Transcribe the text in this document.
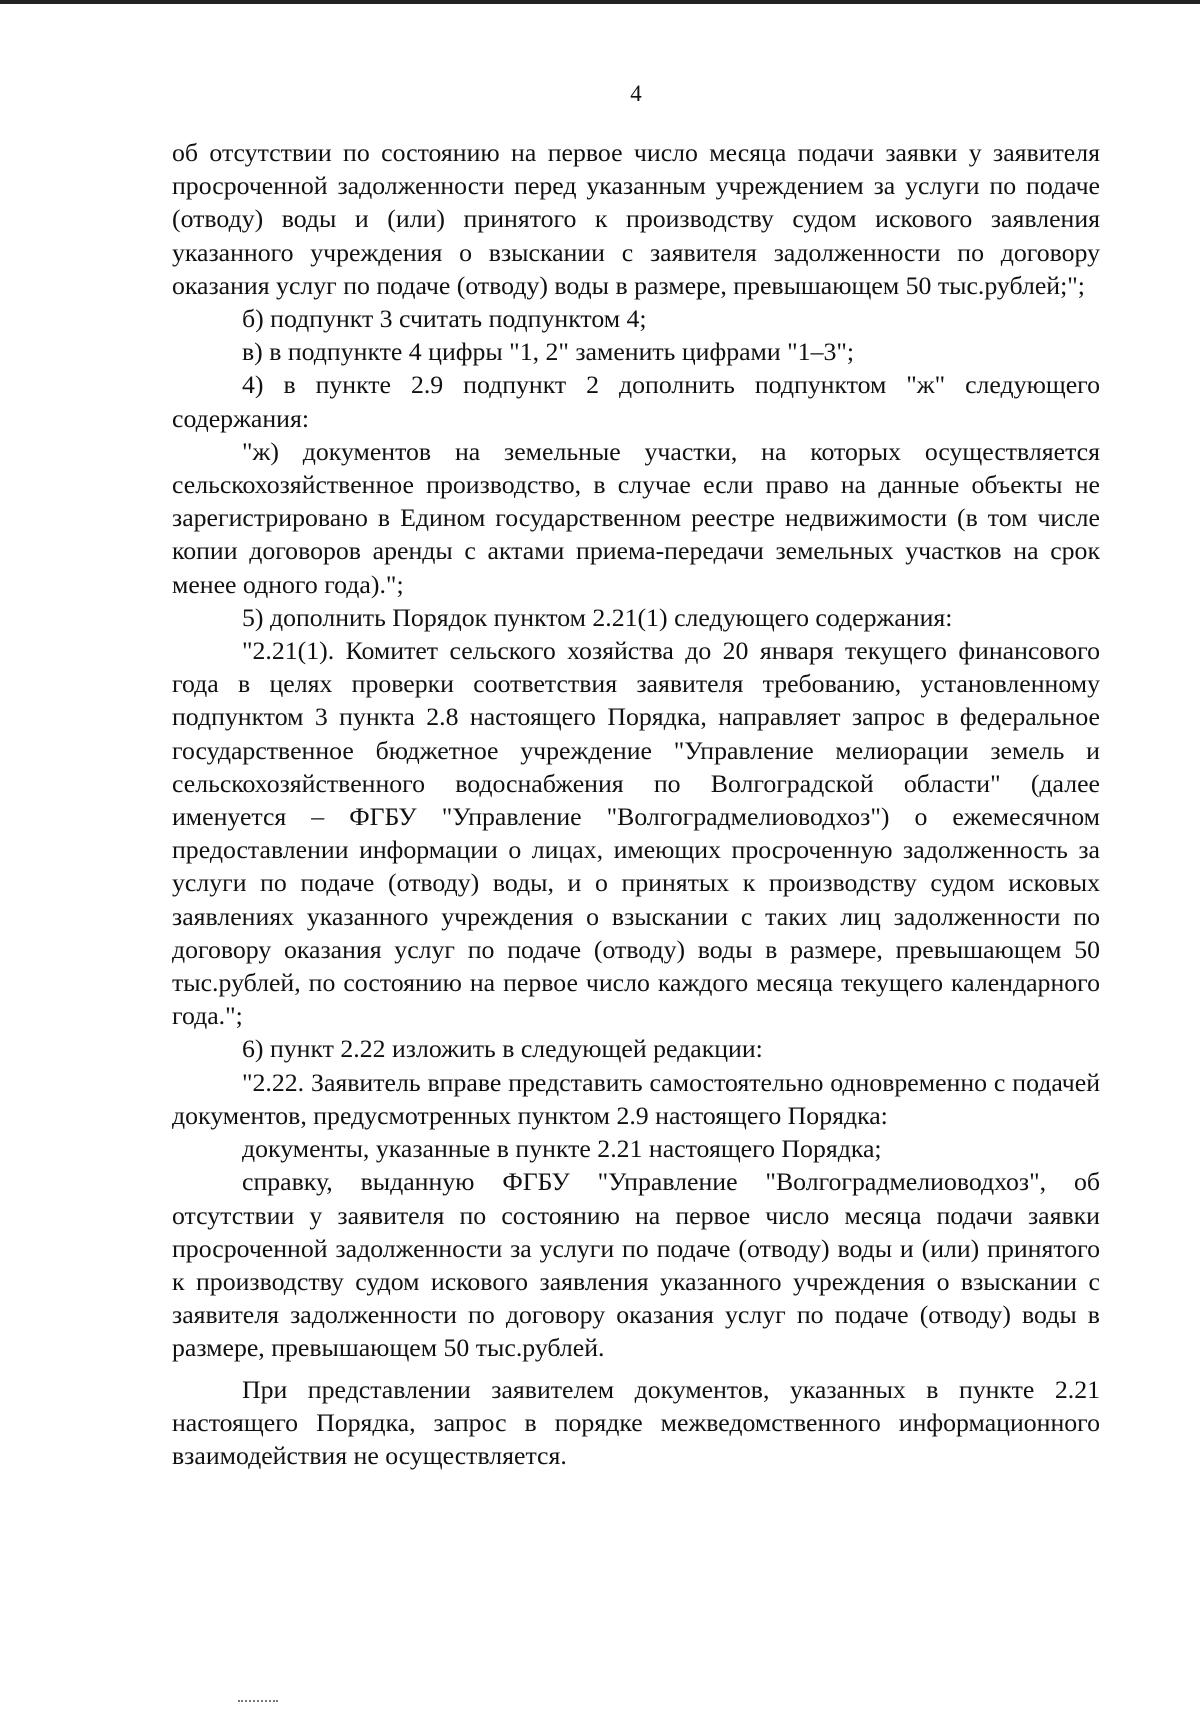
4

об отсутствии по состоянию на первое число месяца подачи заявки у заявителя просроченной задолженности перед указанным учреждением за услуги по подаче (отводу) воды и (или) принятого к производству судом искового заявления указанного учреждения о взыскании с заявителя задолженности по договору оказания услуг по подаче (отводу) воды в размере, превышающем 50 тыс.рублей;";

б) подпункт 3 считать подпунктом 4;

в) в подпункте 4 цифры "1, 2" заменить цифрами "1–3";

4) в пункте 2.9 подпункт 2 дополнить подпунктом "ж" следующего содержания:

"ж) документов на земельные участки, на которых осуществляется сельскохозяйственное производство, в случае если право на данные объекты не зарегистрировано в Едином государственном реестре недвижимости (в том числе копии договоров аренды с актами приема-передачи земельных участков на срок менее одного года).";

5) дополнить Порядок пунктом 2.21(1) следующего содержания:

"2.21(1). Комитет сельского хозяйства до 20 января текущего финансового года в целях проверки соответствия заявителя требованию, установленному подпунктом 3 пункта 2.8 настоящего Порядка, направляет запрос в федеральное государственное бюджетное учреждение "Управление мелиорации земель и сельскохозяйственного водоснабжения по Волгоградской области" (далее именуется – ФГБУ "Управление "Волгоградмелиоводхоз") о ежемесячном предоставлении информации о лицах, имеющих просроченную задолженность за услуги по подаче (отводу) воды, и о принятых к производству судом исковых заявлениях указанного учреждения о взыскании с таких лиц задолженности по договору оказания услуг по подаче (отводу) воды в размере, превышающем 50 тыс.рублей, по состоянию на первое число каждого месяца текущего календарного года.";

6) пункт 2.22 изложить в следующей редакции:

"2.22. Заявитель вправе представить самостоятельно одновременно с подачей документов, предусмотренных пунктом 2.9 настоящего Порядка:

документы, указанные в пункте 2.21 настоящего Порядка;

справку, выданную ФГБУ "Управление "Волгоградмелиоводхоз", об отсутствии у заявителя по состоянию на первое число месяца подачи заявки просроченной задолженности за услуги по подаче (отводу) воды и (или) принятого к производству судом искового заявления указанного учреждения о взыскании с заявителя задолженности по договору оказания услуг по подаче (отводу) воды в размере, превышающем 50 тыс.рублей.

При представлении заявителем документов, указанных в пункте 2.21 настоящего Порядка, запрос в порядке межведомственного информационного взаимодействия не осуществляется.
